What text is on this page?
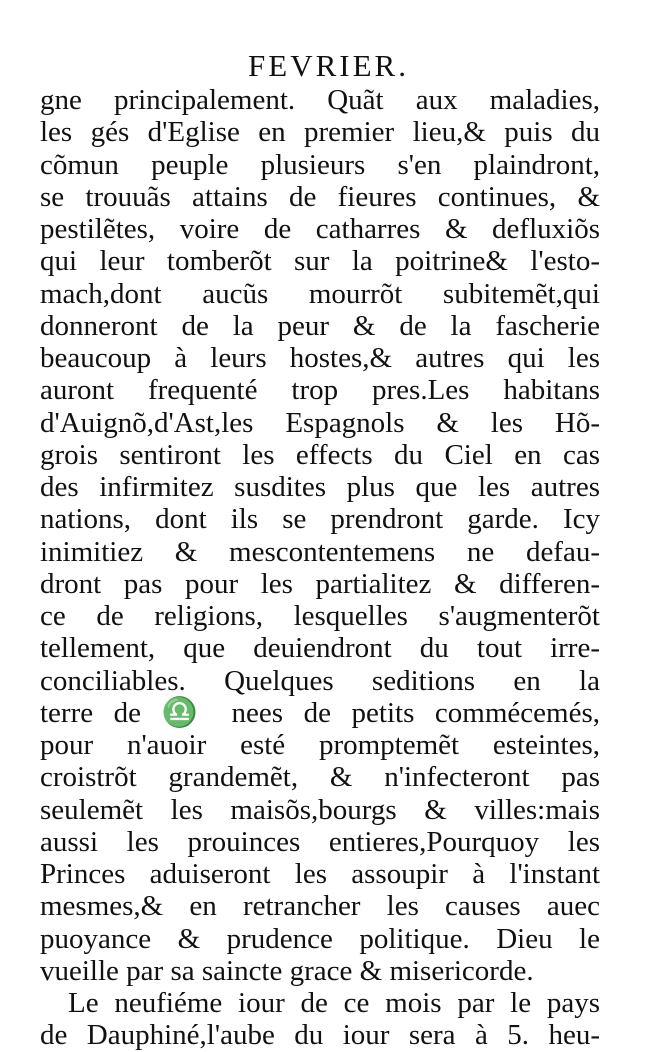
FEVRIER.
gne principalement. Quãt aux maladies,
les gés d'Eglise en premier lieu,& puis du
cõmun peuple plusieurs s'en plaindront,
se trouuãs attains de fieures continues, &
pestilẽtes, voire de catharres & defluxiõs
qui leur tomberõt sur la poitrine& l'esto-
mach,dont aucũs mourrõt subitemẽt,qui
donneront de la peur & de la fascherie
beaucoup à leurs hostes,& autres qui les
auront frequenté trop pres.Les habitans
d'Auignõ,d'Ast,les Espagnols & les Hõ-
grois sentiront les effects du Ciel en cas
des infirmitez susdites plus que les autres
nations, dont ils se prendront garde. Icy
inimitiez & mescontentemens ne defau-
dront pas pour les partialitez & differen-
ce de religions, lesquelles s'augmenterõt
tellement, que deuiendront du tout irre-
conciliables. Quelques seditions en la
terre de ♎ nees de petits commécemés,
pour n'auoir esté promptemẽt esteintes,
croistrõt grandemẽt, & n'infecteront pas
seulemẽt les maisõs,bourgs & villes:mais
aussi les prouinces entieres,Pourquoy les
Princes aduiseront les assoupir à l'instant
mesmes,& en retrancher les causes auec
puoyance & prudence politique. Dieu le
vueille par sa saincte grace & misericorde.
Le neufiéme iour de ce mois par le pays
de Dauphiné,l'aube du iour sera à 5. heu-
